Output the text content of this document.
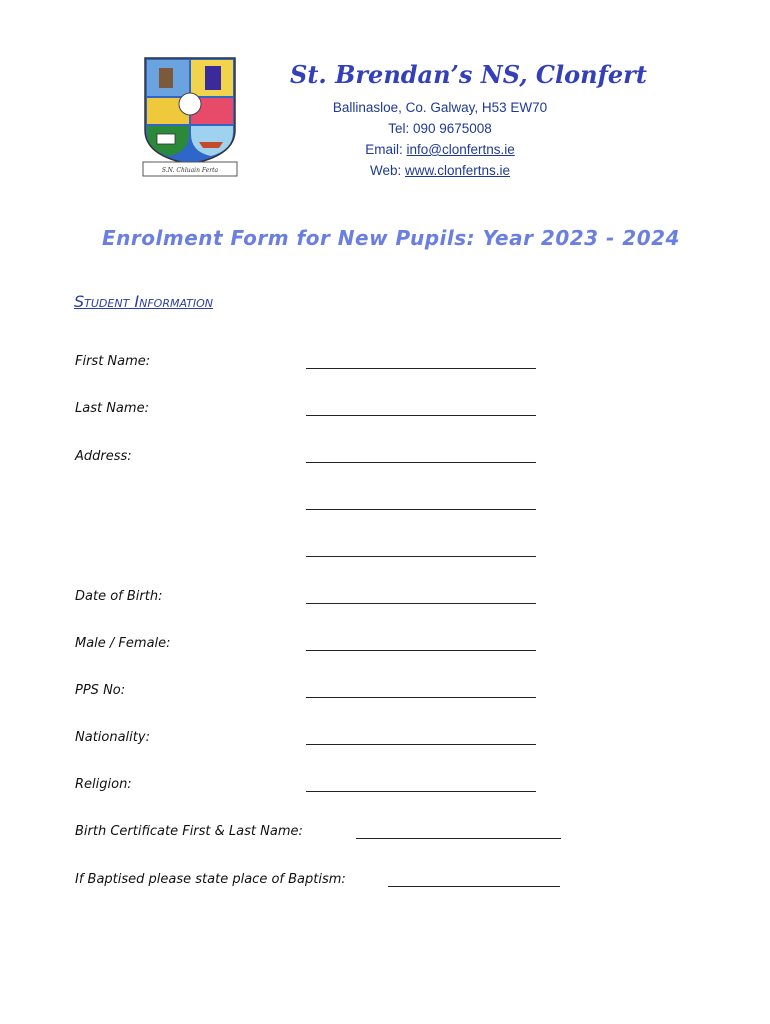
S.N. Chluain Ferta
St. Brendan’s NS, Clonfert
Ballinasloe, Co. Galway, H53 EW70
Tel: 090 9675008
Email: info@clonfertns.ie
Web: www.clonfertns.ie
Enrolment Form for New Pupils: Year 2023 - 2024
Student Information
First Name:
Last Name:
Address:
Date of Birth:
Male / Female:
PPS No:
Nationality:
Religion:
Birth Certificate First & Last Name:
If Baptised please state place of Baptism:
